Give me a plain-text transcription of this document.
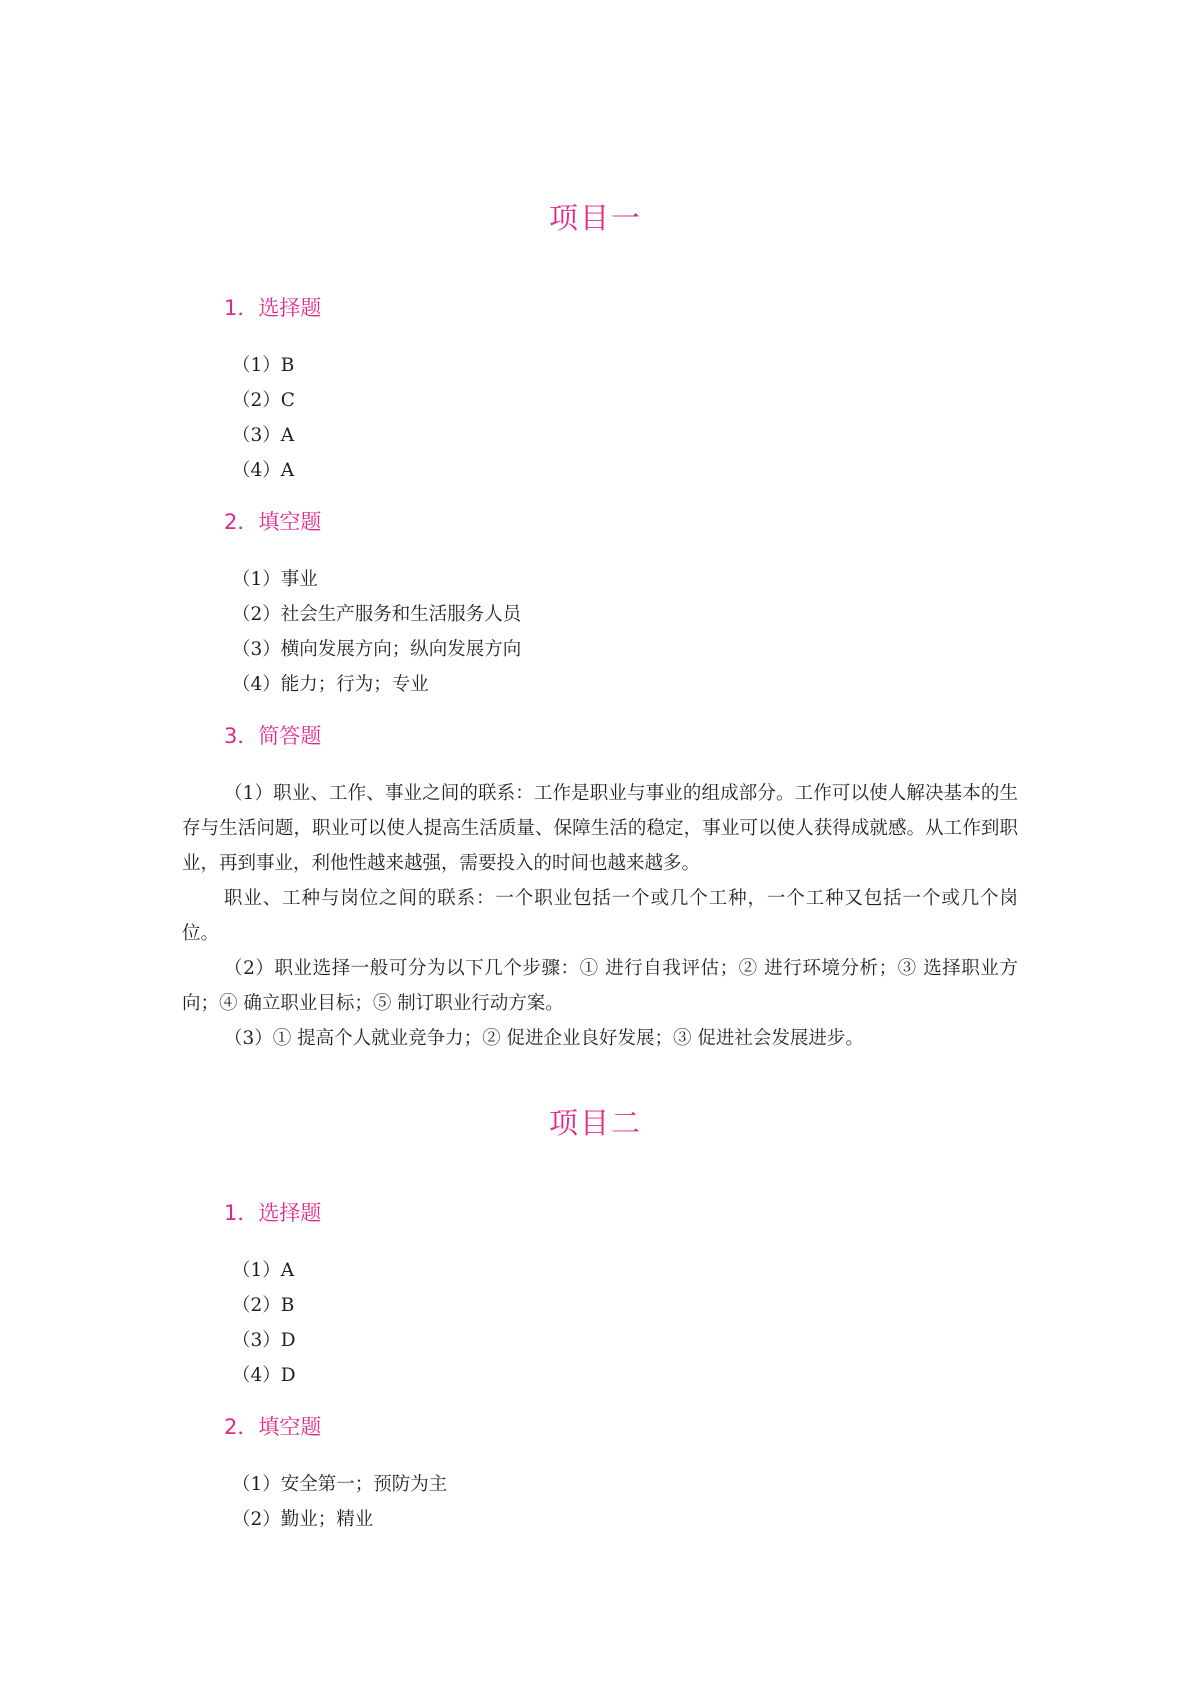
项目一
1．选择题

（1）B

（2）C

（3）A

（4）A

2．填空题

（1）事业

（2）社会生产服务和生活服务人员

（3）横向发展方向；纵向发展方向

（4）能力；行为；专业

3．简答题

（1）职业、工作、事业之间的联系：工作是职业与事业的组成部分。工作可以使人解决基本的生存与生活问题，职业可以使人提高生活质量、保障生活的稳定，事业可以使人获得成就感。从工作到职业，再到事业，利他性越来越强，需要投入的时间也越来越多。

职业、工种与岗位之间的联系：一个职业包括一个或几个工种，一个工种又包括一个或几个岗位。

（2）职业选择一般可分为以下几个步骤：① 进行自我评估；② 进行环境分析；③ 选择职业方向；④ 确立职业目标；⑤ 制订职业行动方案。

（3）① 提高个人就业竞争力；② 促进企业良好发展；③ 促进社会发展进步。

项目二
1．选择题

（1）A

（2）B

（3）D

（4）D

2．填空题

（1）安全第一；预防为主

（2）勤业；精业
